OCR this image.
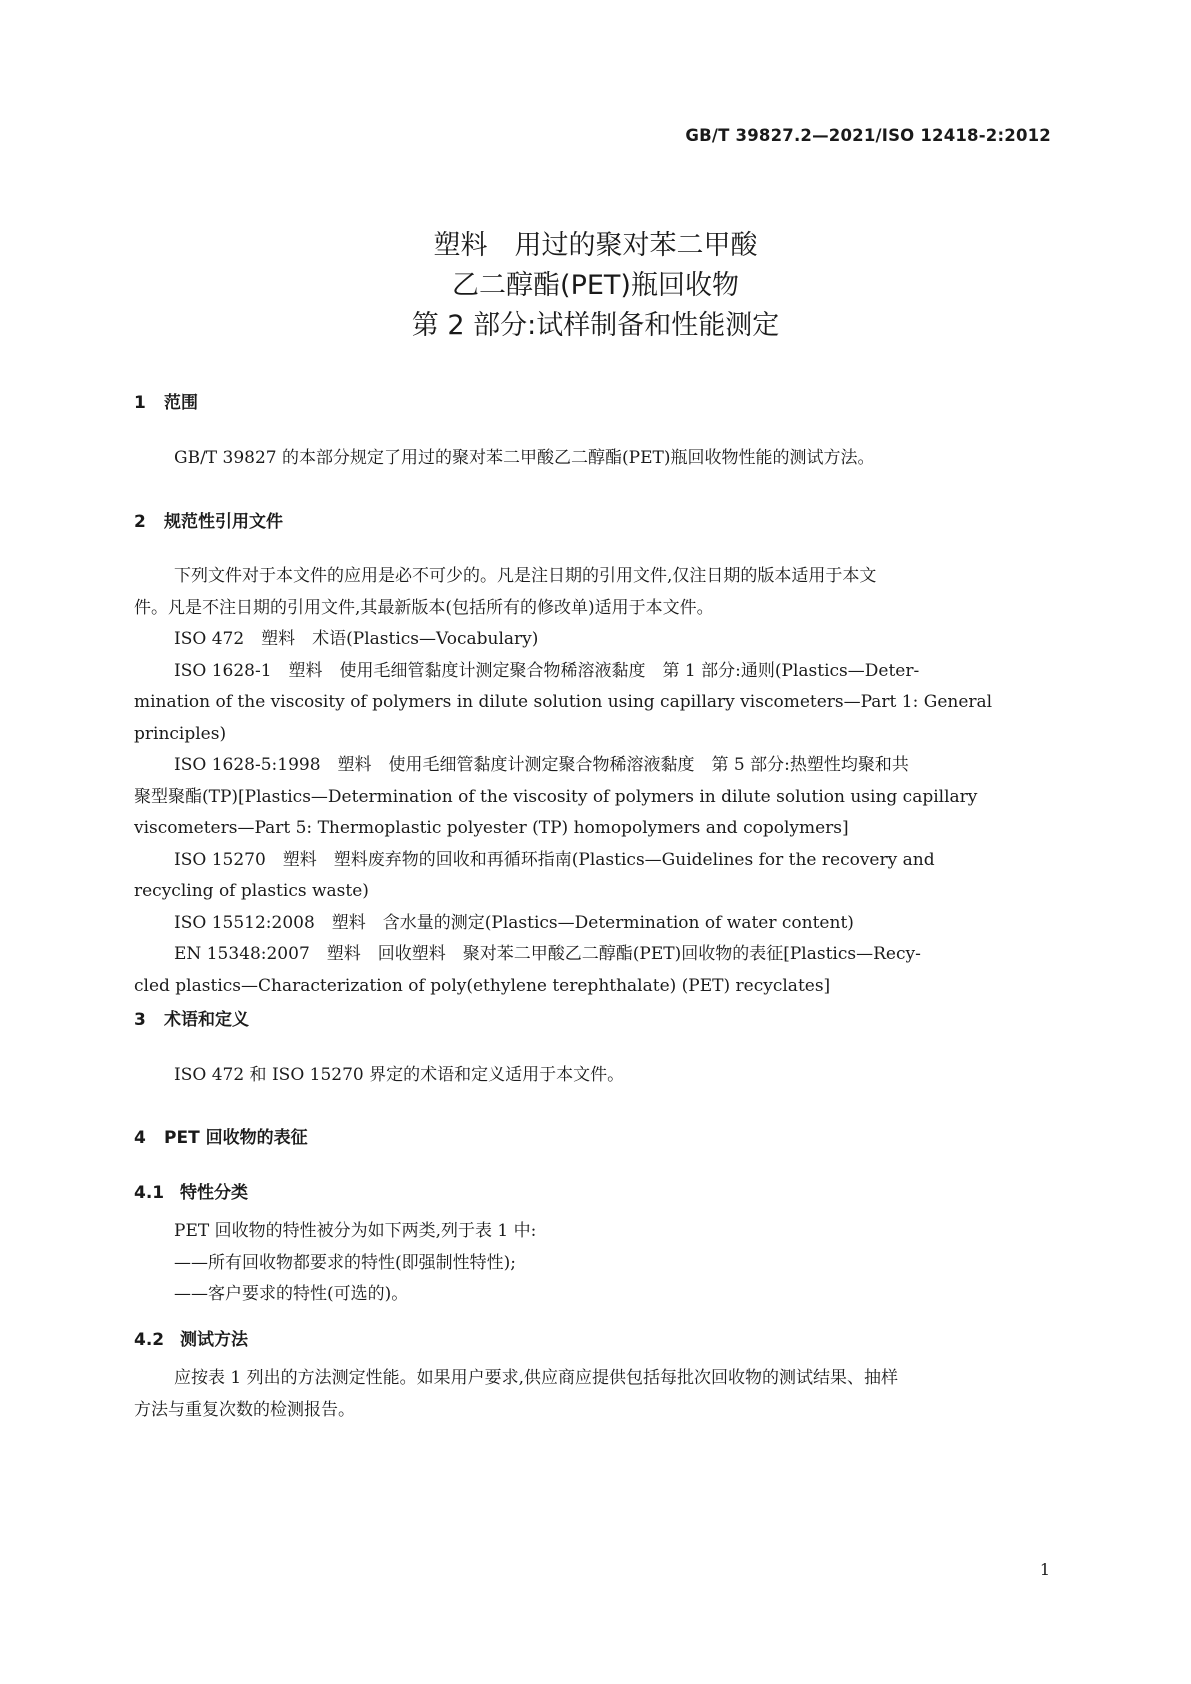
GB/T 39827.2—2021/ISO 12418-2:2012
塑料　用过的聚对苯二甲酸
乙二醇酯(PET)瓶回收物
第 2 部分:试样制备和性能测定
1 范围
GB/T 39827 的本部分规定了用过的聚对苯二甲酸乙二醇酯(PET)瓶回收物性能的测试方法。
2 规范性引用文件
下列文件对于本文件的应用是必不可少的。凡是注日期的引用文件,仅注日期的版本适用于本文
件。凡是不注日期的引用文件,其最新版本(包括所有的修改单)适用于本文件。
ISO 472　塑料　术语(Plastics—Vocabulary)
ISO 1628-1　塑料　使用毛细管黏度计测定聚合物稀溶液黏度　第 1 部分:通则(Plastics—Deter-
mination of the viscosity of polymers in dilute solution using capillary viscometers—Part 1: General
principles)
ISO 1628-5:1998　塑料　使用毛细管黏度计测定聚合物稀溶液黏度　第 5 部分:热塑性均聚和共
聚型聚酯(TP)[Plastics—Determination of the viscosity of polymers in dilute solution using capillary
viscometers—Part 5: Thermoplastic polyester (TP) homopolymers and copolymers]
ISO 15270　塑料　塑料废弃物的回收和再循环指南(Plastics—Guidelines for the recovery and
recycling of plastics waste)
ISO 15512:2008　塑料　含水量的测定(Plastics—Determination of water content)
EN 15348:2007　塑料　回收塑料　聚对苯二甲酸乙二醇酯(PET)回收物的表征[Plastics—Recy-
cled plastics—Characterization of poly(ethylene terephthalate) (PET) recyclates]
3 术语和定义
ISO 472 和 ISO 15270 界定的术语和定义适用于本文件。
4 PET 回收物的表征
4.1 特性分类
PET 回收物的特性被分为如下两类,列于表 1 中:
——所有回收物都要求的特性(即强制性特性);
——客户要求的特性(可选的)。
4.2 测试方法
应按表 1 列出的方法测定性能。如果用户要求,供应商应提供包括每批次回收物的测试结果、抽样
方法与重复次数的检测报告。
1
